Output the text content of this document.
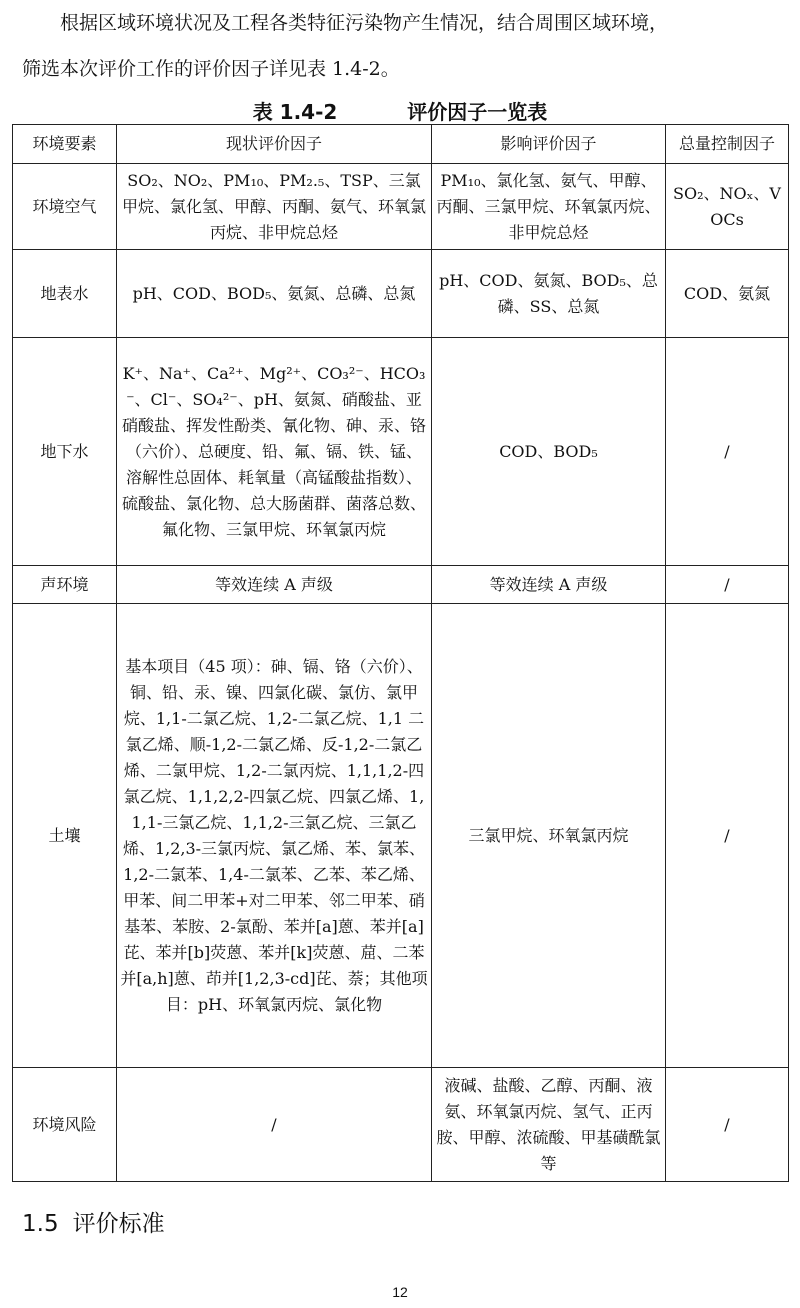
根据区域环境状况及工程各类特征污染物产生情况，结合周围区域环境，

筛选本次评价工作的评价因子详见表 1.4-2。

表 1.4-2	评价因子一览表
环境要素	现状评价因子	影响评价因子	总量控制因子
环境空气	SO₂、NO₂、PM₁₀、PM₂.₅、TSP、三氯甲烷、氯化氢、甲醇、丙酮、氨气、环氧氯丙烷、非甲烷总烃	PM₁₀、氯化氢、氨气、甲醇、丙酮、三氯甲烷、环氧氯丙烷、非甲烷总烃	SO₂、NOₓ、VOCs
地表水	pH、COD、BOD₅、氨氮、总磷、总氮	pH、COD、氨氮、BOD₅、总磷、SS、总氮	COD、氨氮
地下水	K⁺、Na⁺、Ca²⁺、Mg²⁺、CO₃²⁻、HCO₃⁻、Cl⁻、SO₄²⁻、pH、氨氮、硝酸盐、亚硝酸盐、挥发性酚类、氰化物、砷、汞、铬（六价）、总硬度、铅、氟、镉、铁、锰、溶解性总固体、耗氧量（高锰酸盐指数）、硫酸盐、氯化物、总大肠菌群、菌落总数、氟化物、三氯甲烷、环氧氯丙烷	COD、BOD₅	/
声环境	等效连续 A 声级	等效连续 A 声级	/
土壤	基本项目（45 项）：砷、镉、铬（六价）、铜、铅、汞、镍、四氯化碳、氯仿、氯甲烷、1,1-二氯乙烷、1,2-二氯乙烷、1,1 二氯乙烯、顺-1,2-二氯乙烯、反-1,2-二氯乙烯、二氯甲烷、1,2-二氯丙烷、1,1,1,2-四氯乙烷、1,1,2,2-四氯乙烷、四氯乙烯、1,1,1-三氯乙烷、1,1,2-三氯乙烷、三氯乙烯、1,2,3-三氯丙烷、氯乙烯、苯、氯苯、1,2-二氯苯、1,4-二氯苯、乙苯、苯乙烯、甲苯、间二甲苯+对二甲苯、邻二甲苯、硝基苯、苯胺、2-氯酚、苯并[a]蒽、苯并[a]芘、苯并[b]荧蒽、苯并[k]荧蒽、䓛、二苯并[a,h]蒽、茚并[1,2,3-cd]芘、萘；其他项目：pH、环氧氯丙烷、氯化物	三氯甲烷、环氧氯丙烷	/
环境风险	/	液碱、盐酸、乙醇、丙酮、液氨、环氧氯丙烷、氢气、正丙胺、甲醇、浓硫酸、甲基磺酰氯等	/
1.5 评价标准
12
